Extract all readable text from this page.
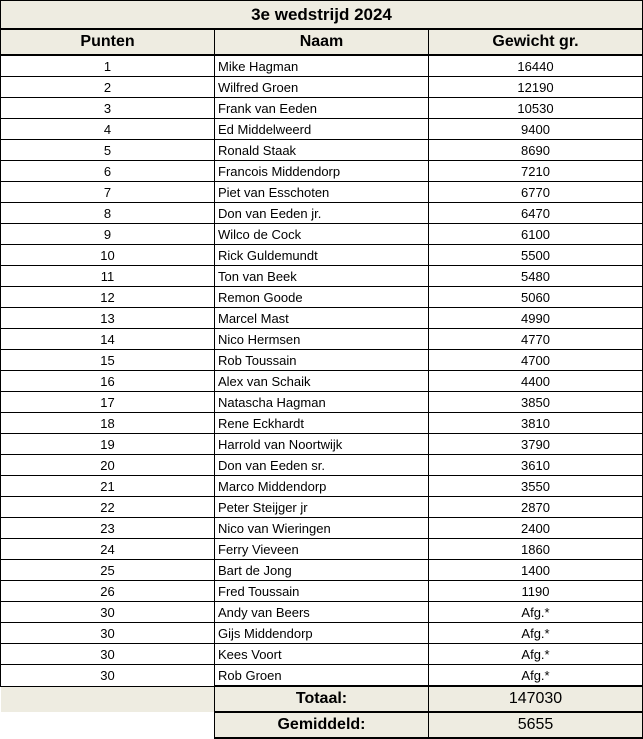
3e wedstrijd 2024		
Punten	Naam	Gewicht gr.
1	Mike Hagman	16440
2	Wilfred Groen	12190
3	Frank van Eeden	10530
4	Ed Middelweerd	9400
5	Ronald Staak	8690
6	Francois Middendorp	7210
7	Piet van Esschoten	6770
8	Don van Eeden jr.	6470
9	Wilco de Cock	6100
10	Rick Guldemundt	5500
11	Ton van Beek	5480
12	Remon Goode	5060
13	Marcel Mast	4990
14	Nico Hermsen	4770
15	Rob Toussain	4700
16	Alex van Schaik	4400
17	Natascha Hagman	3850
18	Rene Eckhardt	3810
19	Harrold van Noortwijk	3790
20	Don van Eeden sr.	3610
21	Marco Middendorp	3550
22	Peter Steijger jr	2870
23	Nico van Wieringen	2400
24	Ferry Vieveen	1860
25	Bart de Jong	1400
26	Fred Toussain	1190
30	Andy van Beers	Afg.*
30	Gijs Middendorp	Afg.*
30	Kees Voort	Afg.*
30	Rob Groen	Afg.*
	Totaal:	147030
	Gemiddeld:	5655
